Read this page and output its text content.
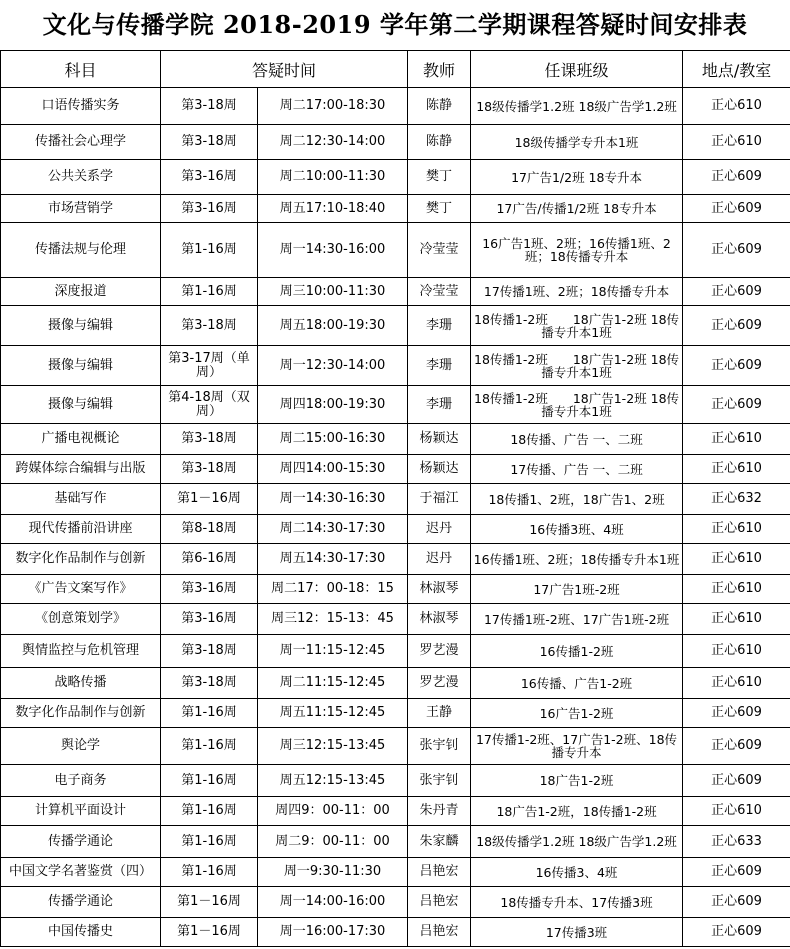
文化与传播学院 2018-2019 学年第二学期课程答疑时间安排表
科目	答疑时间		教师	任课班级	地点/教室
口语传播实务	第3-18周	周二17:00-18:30	陈静	18级传播学1.2班 18级广告学1.2班	正心610
传播社会心理学	第3-18周	周二12:30-14:00	陈静	18级传播学专升本1班	正心610
公共关系学	第3-16周	周二10:00-11:30	樊丁	17广告1/2班 18专升本	正心609
市场营销学	第3-16周	周五17:10-18:40	樊丁	17广告/传播1/2班 18专升本	正心609
传播法规与伦理	第1-16周	周一14:30-16:00	冷莹莹	16广告1班、2班；16传播1班、2班；18传播专升本	正心609
深度报道	第1-16周	周三10:00-11:30	冷莹莹	17传播1班、2班；18传播专升本	正心609
摄像与编辑	第3-18周	周五18:00-19:30	李珊	18传播1-2班　　18广告1-2班 18传播专升本1班	正心609
摄像与编辑	第3-17周（单周）	周一12:30-14:00	李珊	18传播1-2班　　18广告1-2班 18传播专升本1班	正心609
摄像与编辑	第4-18周（双周）	周四18:00-19:30	李珊	18传播1-2班　　18广告1-2班 18传播专升本1班	正心609
广播电视概论	第3-18周	周二15:00-16:30	杨颖达	18传播、广告 一、二班	正心610
跨媒体综合编辑与出版	第3-18周	周四14:00-15:30	杨颖达	17传播、广告 一、二班	正心610
基础写作	第1－16周	周一14:30-16:30	于福江	18传播1、2班，18广告1、2班	正心632
现代传播前沿讲座	第8-18周	周二14:30-17:30	迟丹	16传播3班、4班	正心610
数字化作品制作与创新	第6-16周	周五14:30-17:30	迟丹	16传播1班、2班；18传播专升本1班	正心610
《广告文案写作》	第3-16周	周二17：00-18：15	林淑琴	17广告1班-2班	正心610
《创意策划学》	第3-16周	周三12：15-13：45	林淑琴	17传播1班-2班、17广告1班-2班	正心610
舆情监控与危机管理	第3-18周	周一11:15-12:45	罗艺漫	16传播1-2班	正心610
战略传播	第3-18周	周二11:15-12:45	罗艺漫	16传播、广告1-2班	正心610
数字化作品制作与创新	第1-16周	周五11:15-12:45	王静	16广告1-2班	正心609
舆论学	第1-16周	周三12:15-13:45	张宇钊	17传播1-2班、17广告1-2班、18传播专升本	正心609
电子商务	第1-16周	周五12:15-13:45	张宇钊	18广告1-2班	正心609
计算机平面设计	第1-16周	周四9：00-11：00	朱丹青	18广告1-2班，18传播1-2班	正心610
传播学通论	第1-16周	周二9：00-11：00	朱家麟	18级传播学1.2班 18级广告学1.2班	正心633
中国文学名著鉴赏（四）	第1-16周	周一9:30-11:30	吕艳宏	16传播3、4班	正心609
传播学通论	第1－16周	周一14:00-16:00	吕艳宏	18传播专升本、17传播3班	正心609
中国传播史	第1－16周	周一16:00-17:30	吕艳宏	17传播3班	正心609
